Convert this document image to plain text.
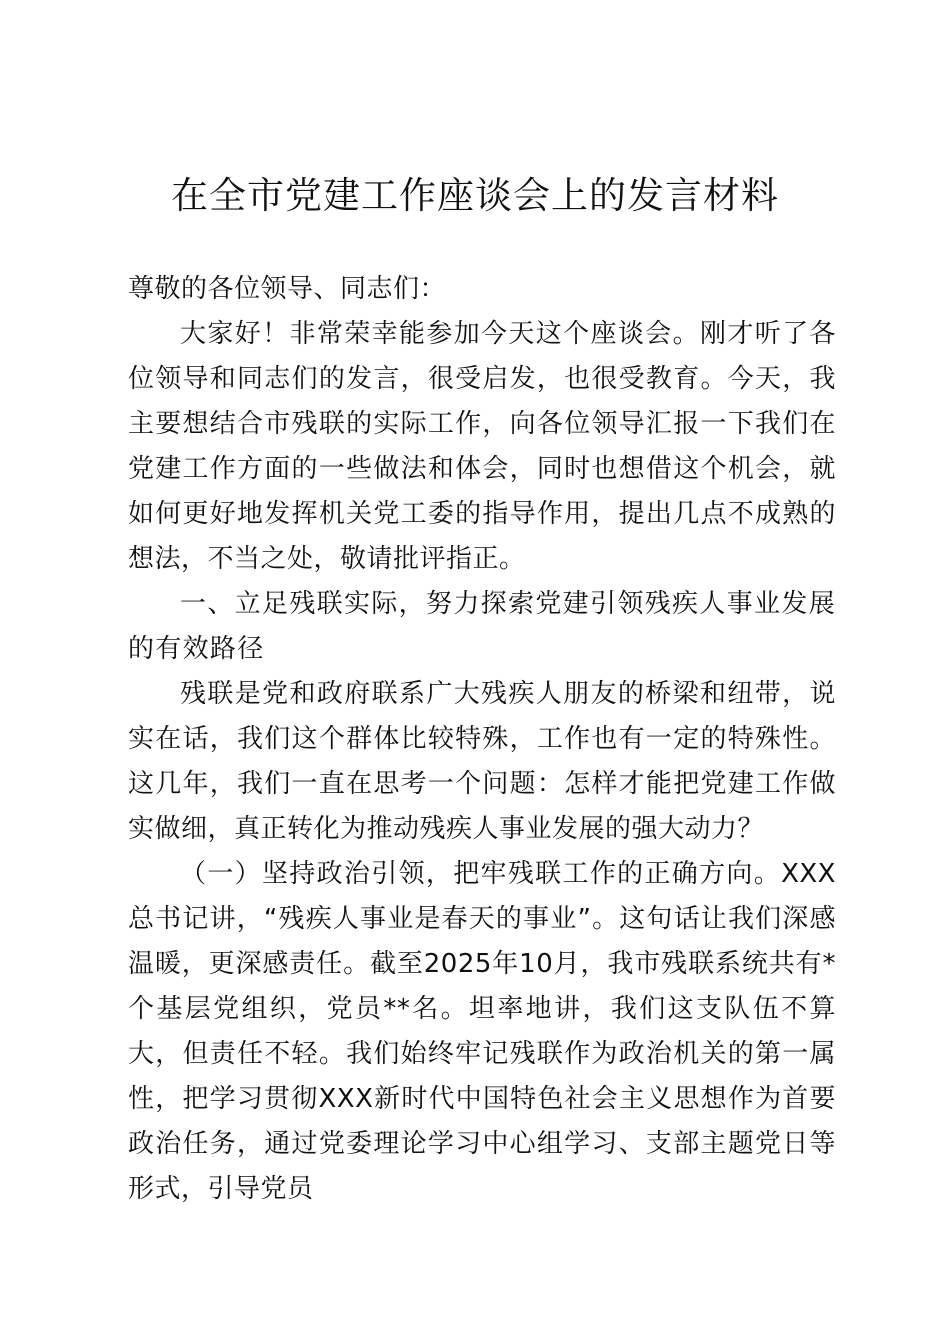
在全市党建工作座谈会上的发言材料

尊敬的各位领导、同志们：

大家好！非常荣幸能参加今天这个座谈会。刚才听了各位领导和同志们的发言，很受启发，也很受教育。今天，我主要想结合市残联的实际工作，向各位领导汇报一下我们在党建工作方面的一些做法和体会，同时也想借这个机会，就如何更好地发挥机关党工委的指导作用，提出几点不成熟的想法，不当之处，敬请批评指正。

一、立足残联实际，努力探索党建引领残疾人事业发展的有效路径

残联是党和政府联系广大残疾人朋友的桥梁和纽带，说实在话，我们这个群体比较特殊，工作也有一定的特殊性。这几年，我们一直在思考一个问题：怎样才能把党建工作做实做细，真正转化为推动残疾人事业发展的强大动力？

（一）坚持政治引领，把牢残联工作的正确方向。XXX总书记讲，“残疾人事业是春天的事业”。这句话让我们深感温暖，更深感责任。截至2025年10月，我市残联系统共有*个基层党组织，党员**名。坦率地讲，我们这支队伍不算大，但责任不轻。我们始终牢记残联作为政治机关的第一属性，把学习贯彻XXX新时代中国特色社会主义思想作为首要政治任务，通过党委理论学习中心组学习、支部主题党日等形式，引导党员
